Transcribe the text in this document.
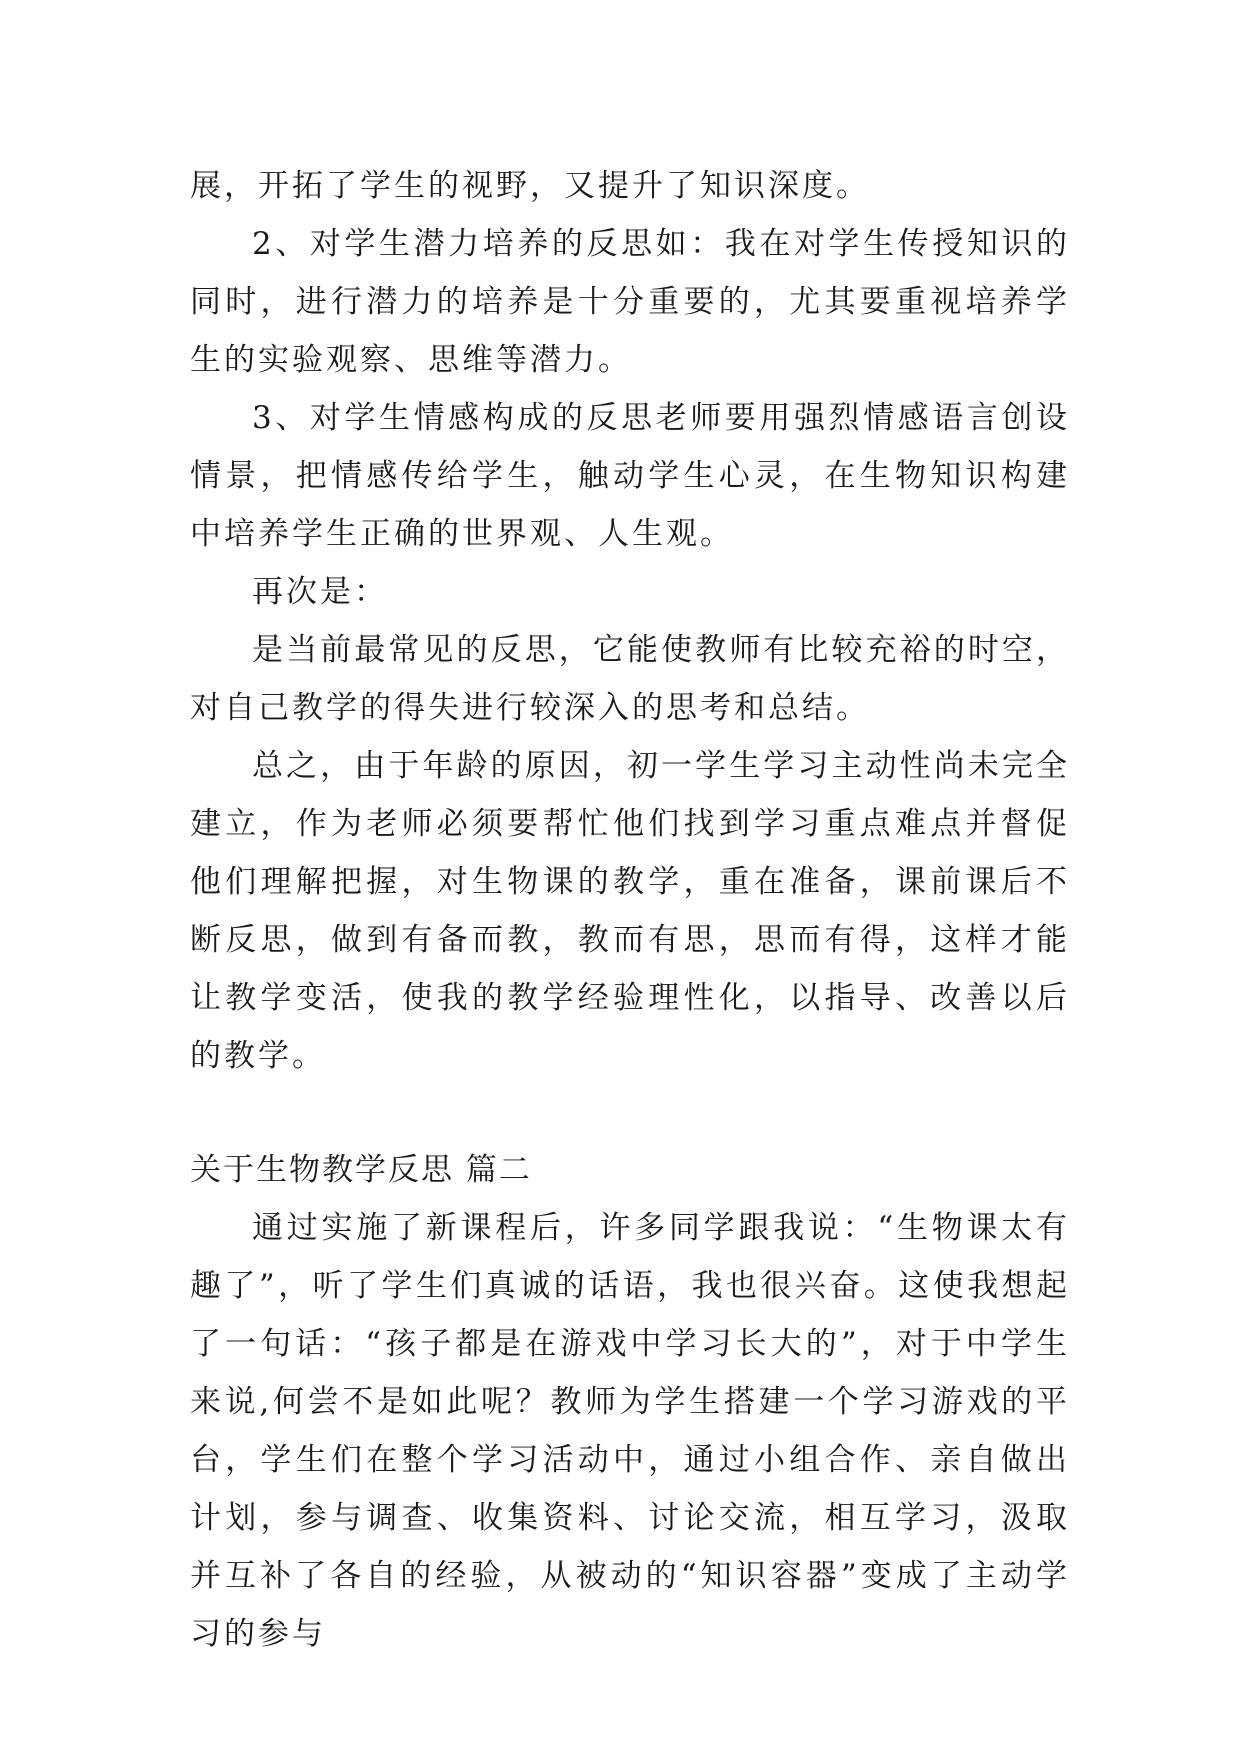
展，开拓了学生的视野，又提升了知识深度。

2、对学生潜力培养的反思如：我在对学生传授知识的同时，进行潜力的培养是十分重要的，尤其要重视培养学生的实验观察、思维等潜力。

3、对学生情感构成的反思老师要用强烈情感语言创设情景，把情感传给学生，触动学生心灵，在生物知识构建中培养学生正确的世界观、人生观。

再次是：

是当前最常见的反思，它能使教师有比较充裕的时空，对自己教学的得失进行较深入的思考和总结。

总之，由于年龄的原因，初一学生学习主动性尚未完全建立，作为老师必须要帮忙他们找到学习重点难点并督促他们理解把握，对生物课的教学，重在准备，课前课后不断反思，做到有备而教，教而有思，思而有得，这样才能让教学变活，使我的教学经验理性化，以指导、改善以后的教学。

关于生物教学反思 篇二

通过实施了新课程后，许多同学跟我说：“生物课太有趣了”，听了学生们真诚的话语，我也很兴奋。这使我想起了一句话：“孩子都是在游戏中学习长大的”，对于中学生来说,何尝不是如此呢？教师为学生搭建一个学习游戏的平台，学生们在整个学习活动中，通过小组合作、亲自做出计划，参与调查、收集资料、讨论交流，相互学习，汲取并互补了各自的经验，从被动的“知识容器”变成了主动学习的参与
